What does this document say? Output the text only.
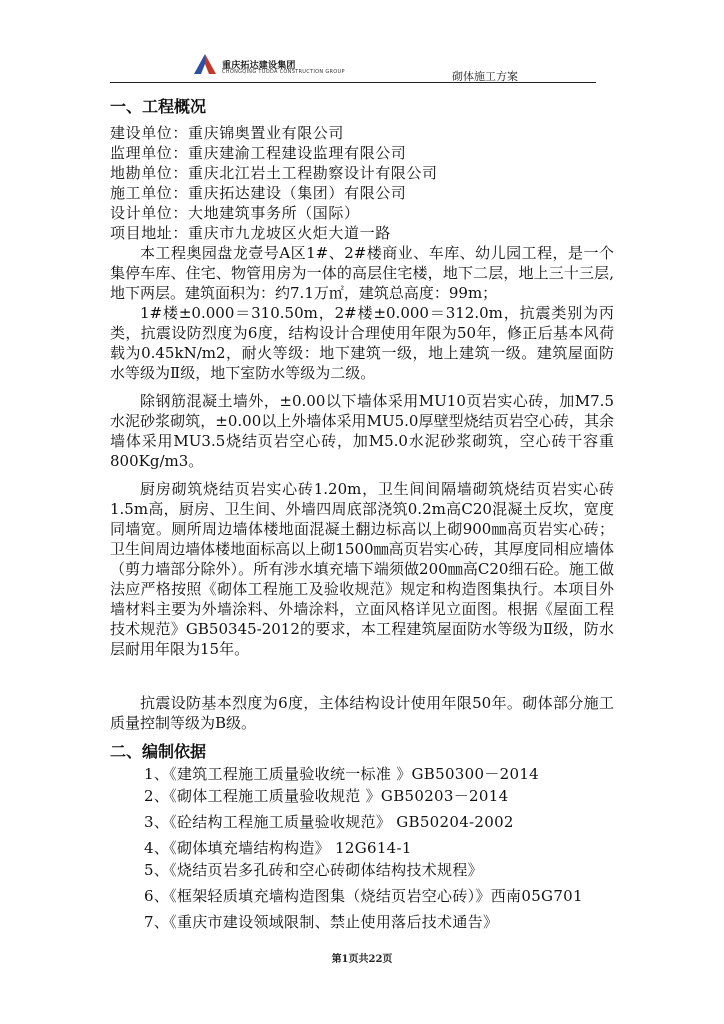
重庆拓达建设集团
CHONGQING TUODA CONSTRUCTION GROUP	砌体施工方案
一、工程概况
建设单位：重庆锦奥置业有限公司
监理单位：重庆建渝工程建设监理有限公司
地勘单位：重庆北江岩土工程勘察设计有限公司
施工单位：重庆拓达建设（集团）有限公司
设计单位：大地建筑事务所（国际）
项目地址：重庆市九龙坡区火炬大道一路

本工程奥园盘龙壹号A区1#、2#楼商业、车库、幼儿园工程，是一个集停车库、住宅、物管用房为一体的高层住宅楼，地下二层，地上三十三层,地下两层。建筑面积为：约7.1万㎡，建筑总高度：99m；

1#楼±0.000＝310.50m，2#楼±0.000＝312.0m，抗震类别为丙类，抗震设防烈度为6度，结构设计合理使用年限为50年，修正后基本风荷载为0.45kN/m2，耐火等级：地下建筑一级，地上建筑一级。建筑屋面防水等级为Ⅱ级，地下室防水等级为二级。

除钢筋混凝土墙外，±0.00以下墙体采用MU10页岩实心砖，加M7.5水泥砂浆砌筑，±0.00以上外墙体采用MU5.0厚壁型烧结页岩空心砖，其余墙体采用MU3.5烧结页岩空心砖，加M5.0水泥砂浆砌筑，空心砖干容重800Kg/m3。

厨房砌筑烧结页岩实心砖1.20m，卫生间间隔墙砌筑烧结页岩实心砖1.5m高，厨房、卫生间、外墙四周底部浇筑0.2m高C20混凝土反坎，宽度同墙宽。厕所周边墙体楼地面混凝土翻边标高以上砌900㎜高页岩实心砖；卫生间周边墙体楼地面标高以上砌1500㎜高页岩实心砖，其厚度同相应墙体（剪力墙部分除外）。所有涉水填充墙下端须做200㎜高C20细石砼。施工做法应严格按照《砌体工程施工及验收规范》规定和构造图集执行。本项目外墙材料主要为外墙涂料、外墙涂料，立面风格详见立面图。根据《屋面工程技术规范》GB50345-2012的要求，本工程建筑屋面防水等级为Ⅱ级，防水层耐用年限为15年。

抗震设防基本烈度为6度，主体结构设计使用年限50年。砌体部分施工质量控制等级为B级。

二、编制依据
1、《建筑工程施工质量验收统一标准 》GB50300－2014
2、《砌体工程施工质量验收规范 》GB50203－2014
3、《砼结构工程施工质量验收规范》 GB50204-2002
4、《砌体填充墙结构构造》 12G614-1
5、《烧结页岩多孔砖和空心砖砌体结构技术规程》
6、《框架轻质填充墙构造图集（烧结页岩空心砖）》西南05G701
7、《重庆市建设领域限制、禁止使用落后技术通告》
第1页共22页
